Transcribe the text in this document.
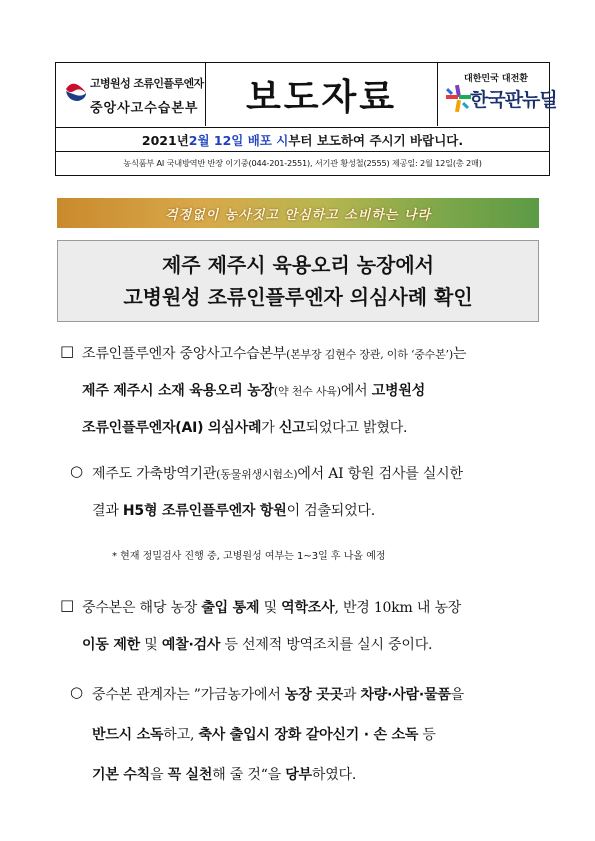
고병원성 조류인플루엔자
중앙사고수습본부	보도자료	대한민국 대전환
한국판뉴딜
2021년 2월 12일 배포 시 부터 보도하여 주시기 바랍니다.
농식품부 AI 국내방역반 반장 이기중(044-201-2551), 서기관 황성철(2555) 제공일: 2월 12일(총 2매)
걱정없이 농사짓고 안심하고 소비하는 나라
제주 제주시 육용오리 농장에서
고병원성 조류인플루엔자 의심사례 확인
□ 조류인플루엔자 중앙사고수습본부(본부장 김현수 장관, 이하 ‘중수본’)는
제주 제주시 소재 육용오리 농장(약 천수 사육)에서 고병원성
조류인플루엔자(AI) 의심사례가 신고되었다고 밝혔다.
○ 제주도 가축방역기관(동물위생시험소)에서 AI 항원 검사를 실시한
결과 H5형 조류인플루엔자 항원이 검출되었다.
* 현재 정밀검사 진행 중, 고병원성 여부는 1~3일 후 나올 예정
□ 중수본은 해당 농장 출입 통제 및 역학조사, 반경 10km 내 농장
이동 제한 및 예찰·검사 등 선제적 방역조치를 실시 중이다.
○ 중수본 관계자는 ”가금농가에서 농장 곳곳과 차량·사람·물품을
반드시 소독하고, 축사 출입시 장화 갈아신기 · 손 소독 등
기본 수칙을 꼭 실천해 줄 것“을 당부하였다.
